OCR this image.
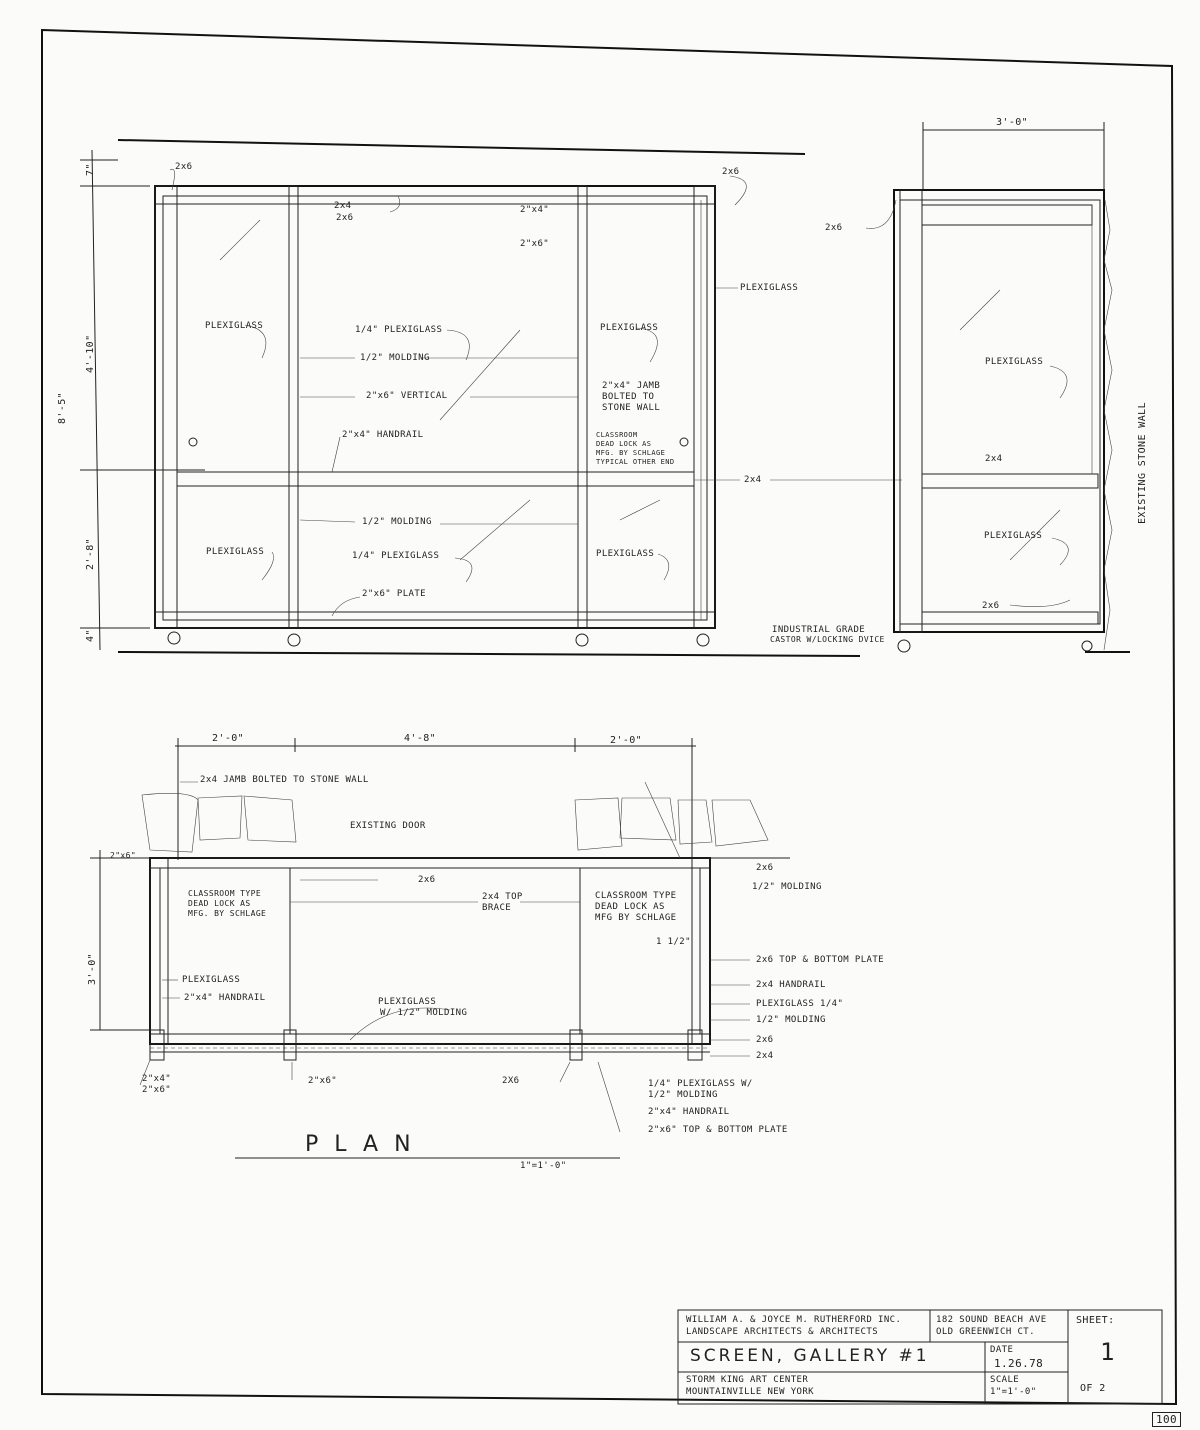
8'-5"
4'-10"
2'-8"
7"
4"
3'-0"
2x6	2x6
2x4
2x6
2"x4"
2"x6"
PLEXIGLASS	1/4" PLEXIGLASS	PLEXIGLASS
1/2" MOLDING
2"x4" JAMB
BOLTED TO
STONE WALL
2"x6" VERTICAL
2"x4" HANDRAIL	CLASSROOM
DEAD LOCK AS
MFG. BY SCHLAGE
TYPICAL OTHER END
PLEXIGLASS
2x4
1/2" MOLDING
PLEXIGLASS	1/4" PLEXIGLASS	PLEXIGLASS
2"x6" PLATE
INDUSTRIAL GRADE
CASTOR W/LOCKING DVICE
2x6
PLEXIGLASS
2x4
PLEXIGLASS
2x6
EXISTING STONE WALL
2'-0"	4'-8"	2'-0"
3'-0"
2"x6"
2x4 JAMB BOLTED TO STONE WALL
EXISTING DOOR
2x6
2x4 TOP
BRACE
CLASSROOM TYPE
DEAD LOCK AS
MFG. BY SCHLAGE
CLASSROOM TYPE
DEAD LOCK AS
MFG BY SCHLAGE
2x6
1/2" MOLDING
1 1/2"
2x6 TOP & BOTTOM PLATE
2x4 HANDRAIL
PLEXIGLASS 1/4"
1/2" MOLDING
2x6
2x4
PLEXIGLASS
2"x4" HANDRAIL	PLEXIGLASS
W/ 1/2" MOLDING
2"x4"
2"x6"
2"x6"	2X6	1/4" PLEXIGLASS W/
1/2" MOLDING
2"x4" HANDRAIL
2"x6" TOP & BOTTOM PLATE
PLAN
1"=1'-0"
WILLIAM A. & JOYCE M. RUTHERFORD INC.
LANDSCAPE ARCHITECTS & ARCHITECTS
182 SOUND BEACH AVE
OLD GREENWICH CT.
SHEET:
SCREEN, GALLERY #1	DATE
1.26.78
STORM KING ART CENTER
MOUNTAINVILLE NEW YORK
SCALE
1"=1'-0"
1
OF 2
100
